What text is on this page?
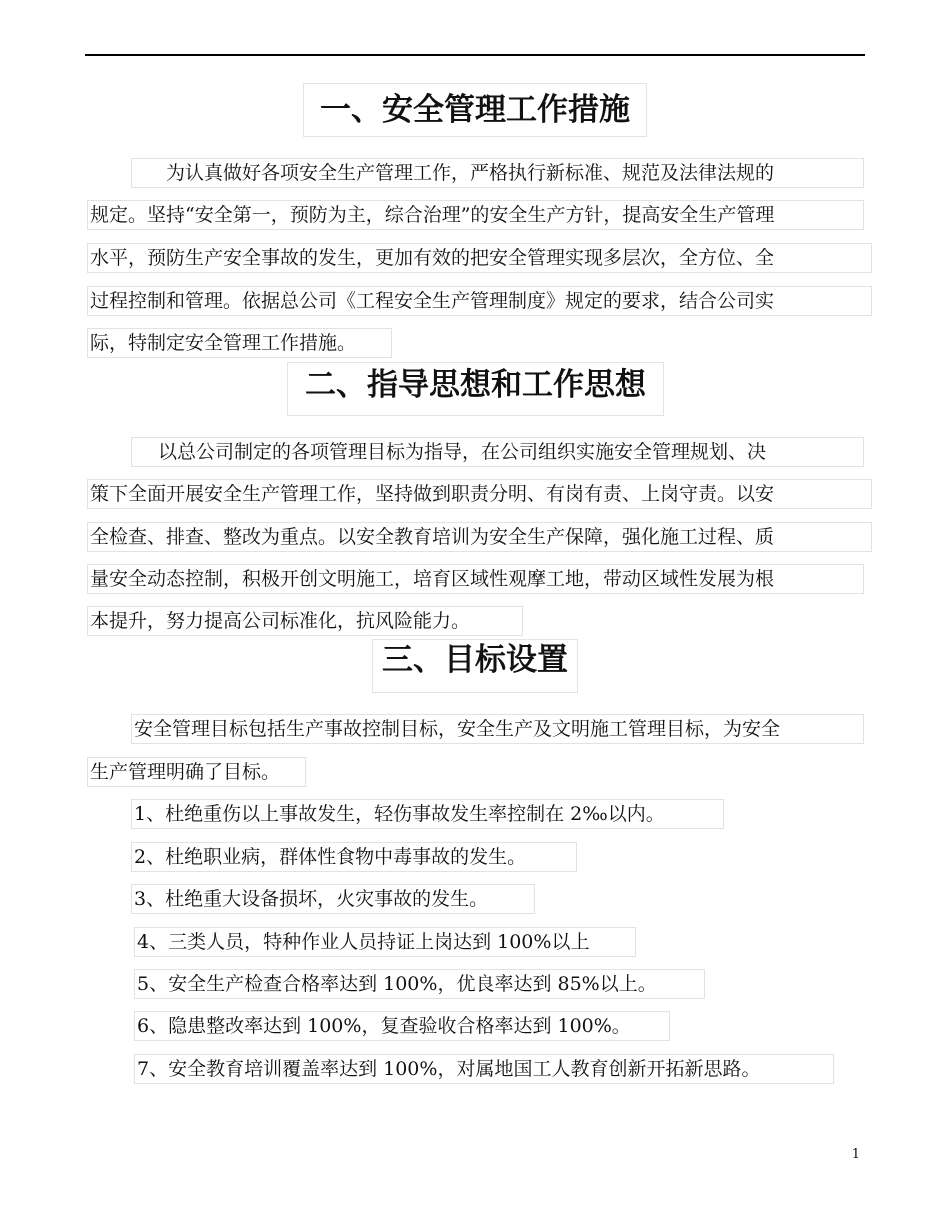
一、安全管理工作措施
为认真做好各项安全生产管理工作，严格执行新标准、规范及法律法规的
规定。坚持“安全第一，预防为主，综合治理”的安全生产方针，提高安全生产管理
水平，预防生产安全事故的发生，更加有效的把安全管理实现多层次，全方位、全
过程控制和管理。依据总公司《工程安全生产管理制度》规定的要求，结合公司实
际，特制定安全管理工作措施。
二、指导思想和工作思想
以总公司制定的各项管理目标为指导，在公司组织实施安全管理规划、决
策下全面开展安全生产管理工作，坚持做到职责分明、有岗有责、上岗守责。以安
全检查、排查、整改为重点。以安全教育培训为安全生产保障，强化施工过程、质
量安全动态控制，积极开创文明施工，培育区域性观摩工地，带动区域性发展为根
本提升，努力提高公司标准化，抗风险能力。
三、目标设置
安全管理目标包括生产事故控制目标，安全生产及文明施工管理目标，为安全
生产管理明确了目标。
1、杜绝重伤以上事故发生，轻伤事故发生率控制在 2‰以内。
2、杜绝职业病，群体性食物中毒事故的发生。
3、杜绝重大设备损坏，火灾事故的发生。
4、三类人员，特种作业人员持证上岗达到 100%以上
5、安全生产检查合格率达到 100%，优良率达到 85%以上。
6、隐患整改率达到 100%，复查验收合格率达到 100%。
7、安全教育培训覆盖率达到 100%，对属地国工人教育创新开拓新思路。
1
